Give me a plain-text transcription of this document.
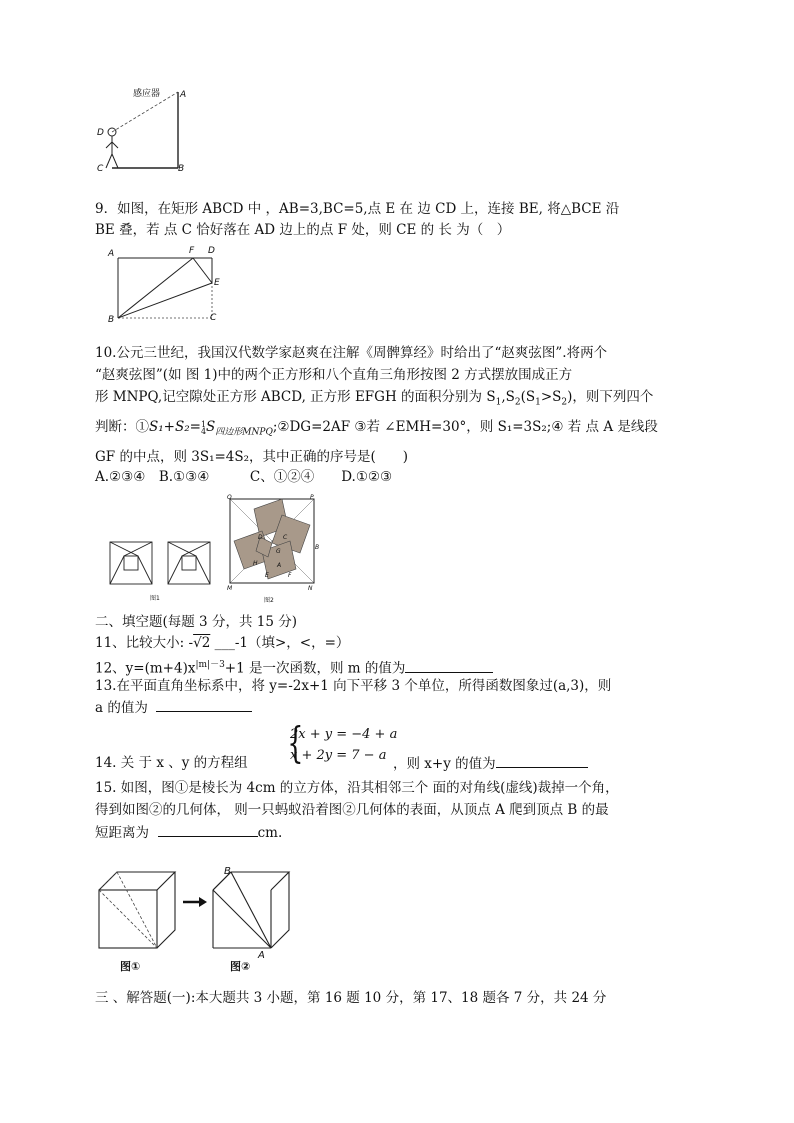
感应器 A
B
C
D
9．如图，在矩形 ABCD 中 ，AB=3,BC=5,点 E 在 边 CD 上，连接 BE, 将△BCE 沿
BE 叠，若 点 C 恰好落在 AD 边上的点 F 处，则 CE 的 长 为（　）
A	F D
E
B	C
10.公元三世纪，我国汉代数学家赵爽在注解《周髀算经》时给出了“赵爽弦图”.将两个
“赵爽弦图”(如 图 1)中的两个正方形和八个直角三角形按图 2 方式摆放围成正方
形 MNPQ,记空隙处正方形 ABCD, 正方形 EFGH 的面积分别为 $S_1,S_2(S_1>S_2)$，则下列四个
判断：①S₁+S₂=1
$4S_{四边形MNPQ};②DG=2AF$ ③若 ∠EMH=30°，则 S₁=3S₂;④ 若 点 A 是线段
GF 的中点，则 3S₁=4S₂，其中正确的序号是(　　)
A.②③④　B.①③④　　　C、①②④　　D.①②③
图1
Q	P
M	N
B
D	C
G
H	A
E	F
图2
二、填空题(每题 3 分，共 15 分)
11、比较大小: -√2 ___-1（填>，<，=）
12、$y=(m+4)x^{|m|-3}+1$ 是一次函数，则 m 的值为
13.在平面直角坐标系中，将 y=-2x+1 向下平移 3 个单位，所得函数图象过(a,3)，则
a 的值为
{
2x + y = −4 + a
x + 2y = 7 − a
14. 关 于 x 、y 的方程组	，则 x+y 的值为
15. 如图，图①是棱长为 4cm 的立方体，沿其相邻三个 面的对角线(虚线)裁掉一个角，
得到如图②的几何体， 则一只蚂蚁沿着图②几何体的表面，从顶点 A 爬到顶点 B 的最
短距离为	cm.
B
A
图①	图②
三 、解答题(一):本大题共 3 小题，第 16 题 10 分，第 17、18 题各 7 分，共 24 分
